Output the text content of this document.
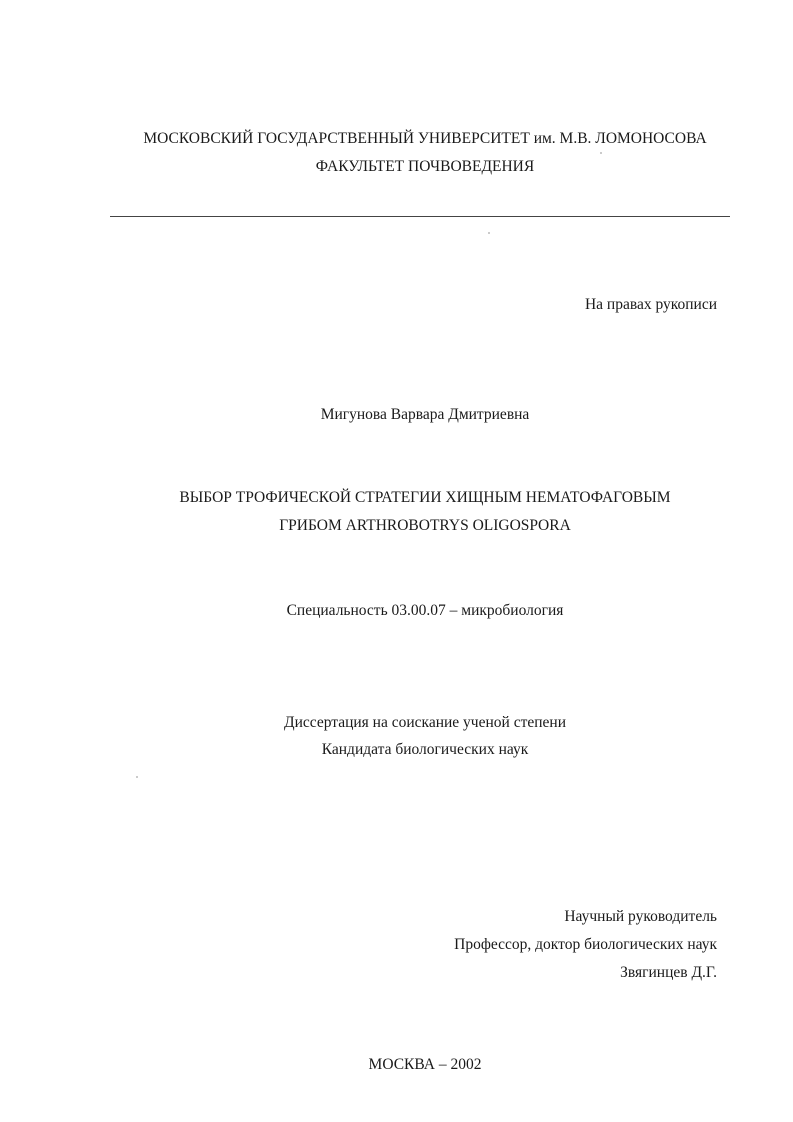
МОСКОВСКИЙ ГОСУДАРСТВЕННЫЙ УНИВЕРСИТЕТ им. М.В. ЛОМОНОСОВА
ФАКУЛЬТЕТ ПОЧВОВЕДЕНИЯ
На правах рукописи
Мигунова Варвара Дмитриевна
ВЫБОР ТРОФИЧЕСКОЙ СТРАТЕГИИ ХИЩНЫМ НЕМАТОФАГОВЫМ
ГРИБОМ ARTHROBOTRYS OLIGOSPORA
Специальность 03.00.07 – микробиология
Диссертация на соискание ученой степени
Кандидата биологических наук
Научный руководитель
Профессор, доктор биологических наук
Звягинцев Д.Г.
МОСКВА – 2002
